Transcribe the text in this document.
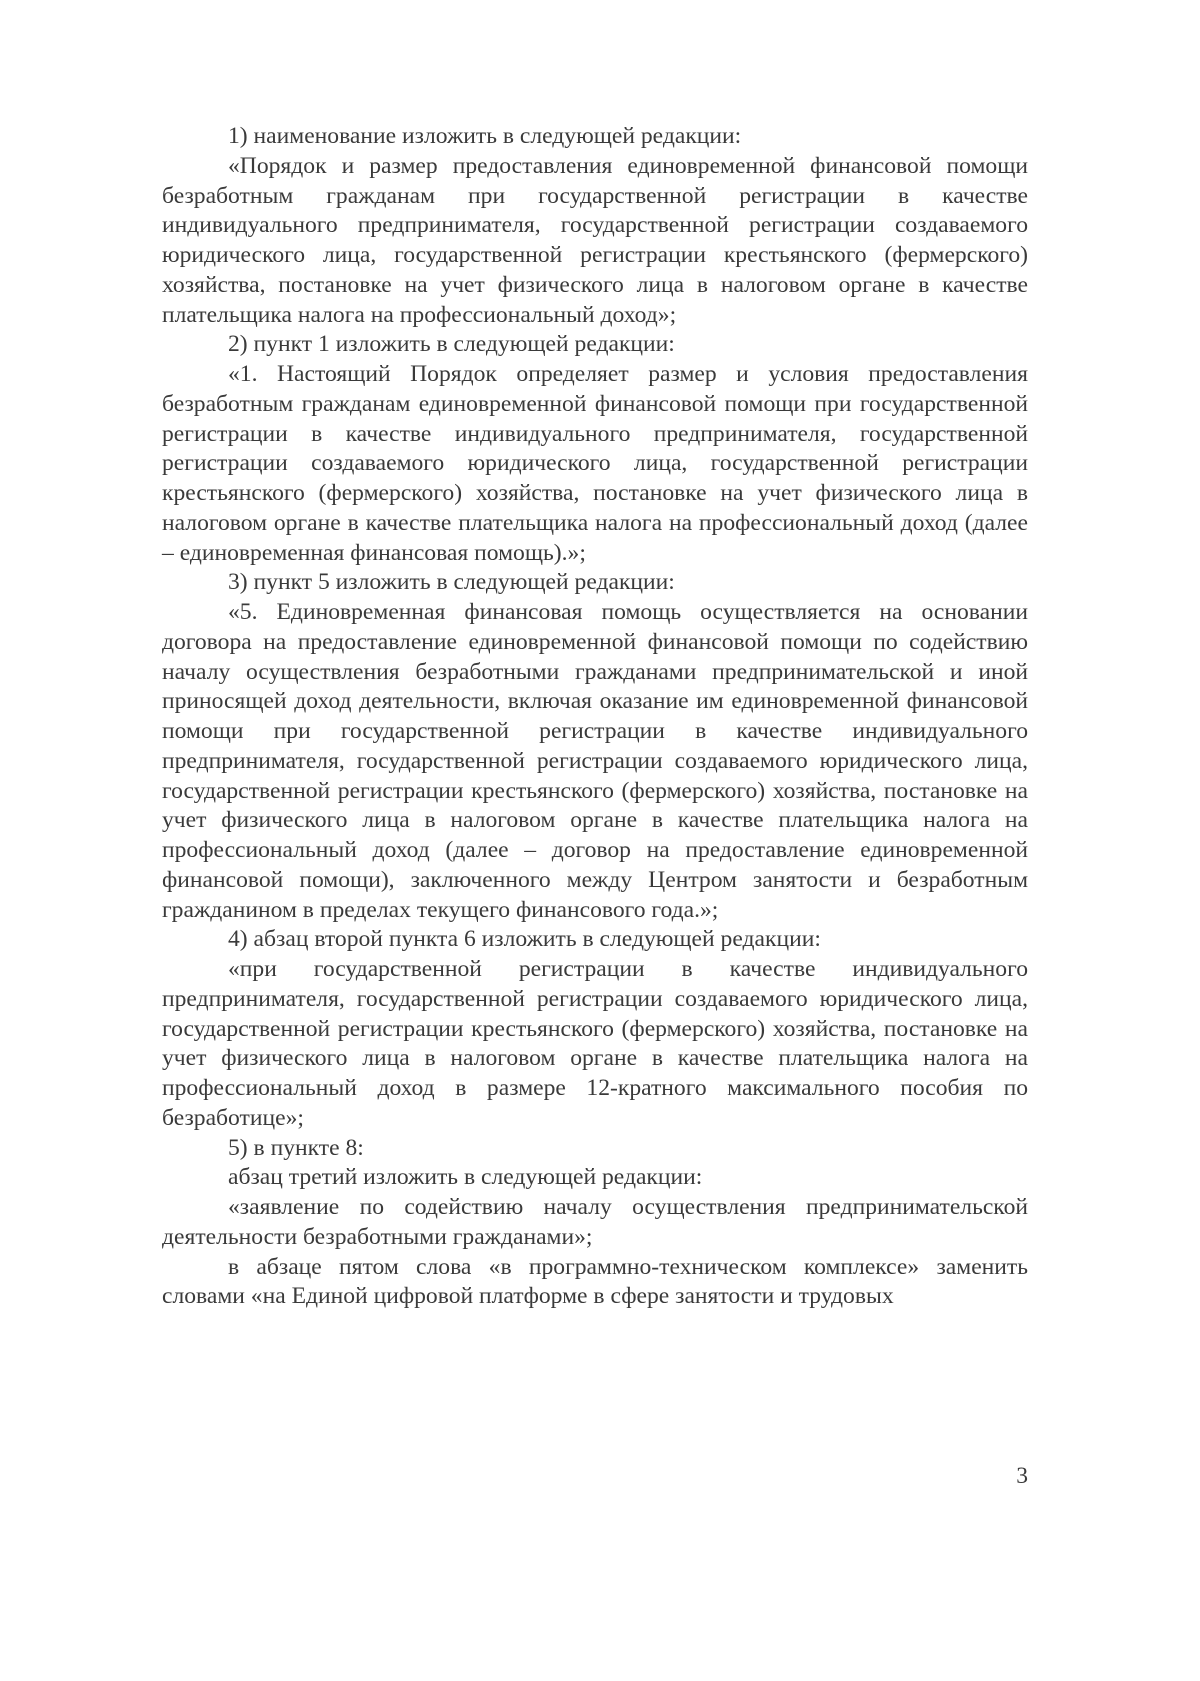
1) наименование изложить в следующей редакции:

«Порядок и размер предоставления единовременной финансовой помощи безработным гражданам при государственной регистрации в качестве индивидуального предпринимателя, государственной регистрации создаваемого юридического лица, государственной регистрации крестьянского (фермерского) хозяйства, постановке на учет физического лица в налоговом органе в качестве плательщика налога на профессиональный доход»;

2) пункт 1 изложить в следующей редакции:

«1. Настоящий Порядок определяет размер и условия предоставления безработным гражданам единовременной финансовой помощи при государственной регистрации в качестве индивидуального предпринимателя, государственной регистрации создаваемого юридического лица, государственной регистрации крестьянского (фермерского) хозяйства, постановке на учет физического лица в налоговом органе в качестве плательщика налога на профессиональный доход (далее – единовременная финансовая помощь).»;

3) пункт 5 изложить в следующей редакции:

«5. Единовременная финансовая помощь осуществляется на основании договора на предоставление единовременной финансовой помощи по содействию началу осуществления безработными гражданами предпринимательской и иной приносящей доход деятельности, включая оказание им единовременной финансовой помощи при государственной регистрации в качестве индивидуального предпринимателя, государственной регистрации создаваемого юридического лица, государственной регистрации крестьянского (фермерского) хозяйства, постановке на учет физического лица в налоговом органе в качестве плательщика налога на профессиональный доход (далее – договор на предоставление единовременной финансовой помощи), заключенного между Центром занятости и безработным гражданином в пределах текущего финансового года.»;

4) абзац второй пункта 6 изложить в следующей редакции:

«при государственной регистрации в качестве индивидуального предпринимателя, государственной регистрации создаваемого юридического лица, государственной регистрации крестьянского (фермерского) хозяйства, постановке на учет физического лица в налоговом органе в качестве плательщика налога на профессиональный доход в размере 12-кратного максимального пособия по безработице»;

5) в пункте 8:

абзац третий изложить в следующей редакции:

«заявление по содействию началу осуществления предпринимательской деятельности безработными гражданами»;

в абзаце пятом слова «в программно-техническом комплексе» заменить словами «на Единой цифровой платформе в сфере занятости и трудовых

3
